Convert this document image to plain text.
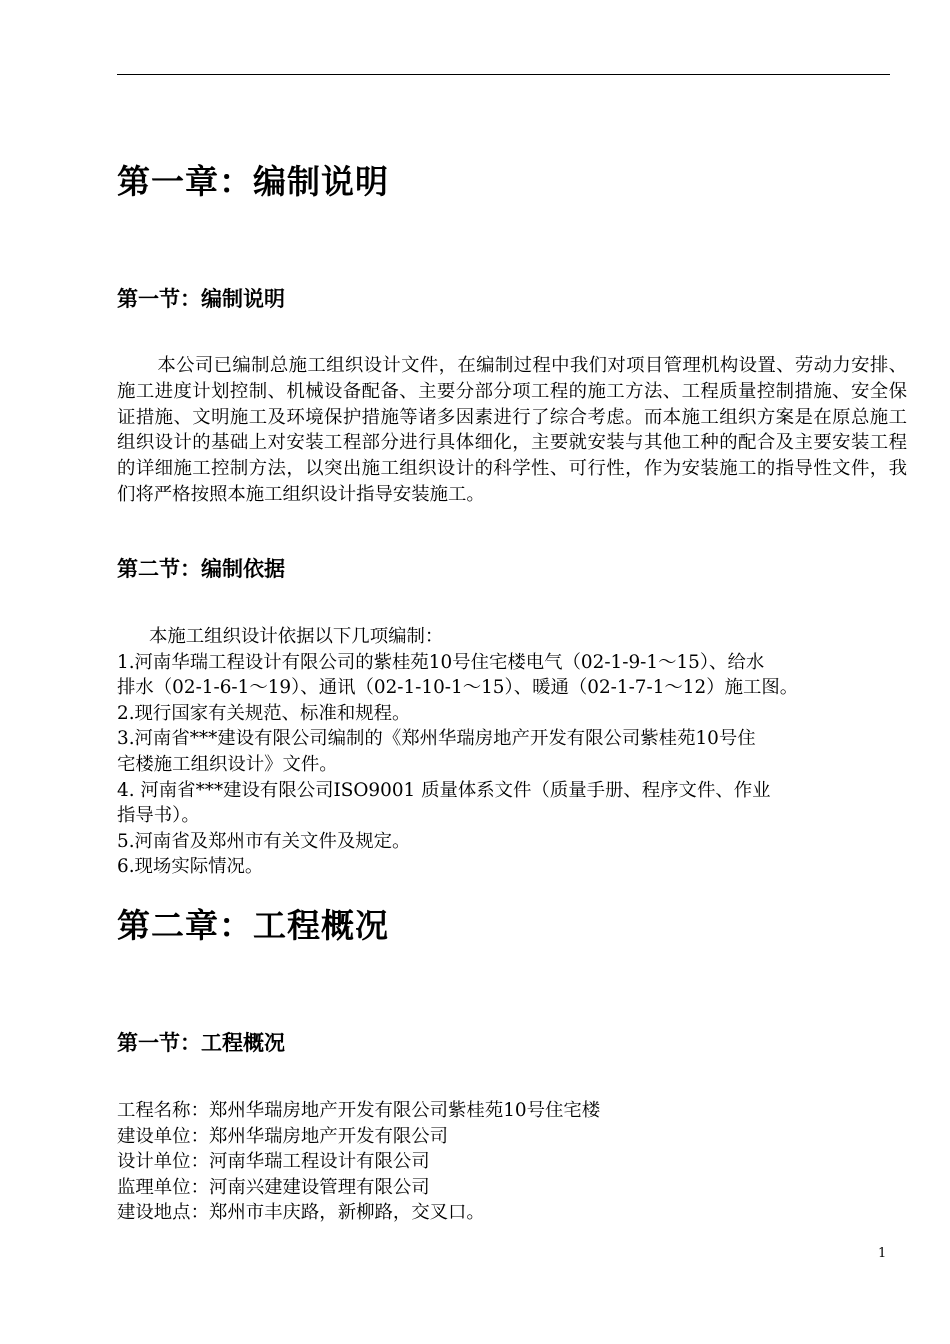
第一章：编制说明
第一节：编制说明

本公司已编制总施工组织设计文件，在编制过程中我们对项目管理机构设置、劳动力安排、施工进度计划控制、机械设备配备、主要分部分项工程的施工方法、工程质量控制措施、安全保证措施、文明施工及环境保护措施等诸多因素进行了综合考虑。而本施工组织方案是在原总施工组织设计的基础上对安装工程部分进行具体细化，主要就安装与其他工种的配合及主要安装工程的详细施工控制方法，以突出施工组织设计的科学性、可行性，作为安装施工的指导性文件，我们将严格按照本施工组织设计指导安装施工。

第二节：编制依据
本施工组织设计依据以下几项编制：
1.河南华瑞工程设计有限公司的紫桂苑10号住宅楼电气（02-1-9-1～15）、给水
排水（02-1-6-1～19）、通讯（02-1-10-1～15）、暖通（02-1-7-1～12）施工图。
2.现行国家有关规范、标准和规程。
3.河南省***建设有限公司编制的《郑州华瑞房地产开发有限公司紫桂苑10号住
宅楼施工组织设计》文件。
4. 河南省***建设有限公司ISO9001 质量体系文件（质量手册、程序文件、作业
指导书）。
5.河南省及郑州市有关文件及规定。
6.现场实际情况。
第二章：工程概况
第一节：工程概况
工程名称：郑州华瑞房地产开发有限公司紫桂苑10号住宅楼
建设单位：郑州华瑞房地产开发有限公司
设计单位：河南华瑞工程设计有限公司
监理单位：河南兴建建设管理有限公司
建设地点：郑州市丰庆路，新柳路，交叉口。
1
